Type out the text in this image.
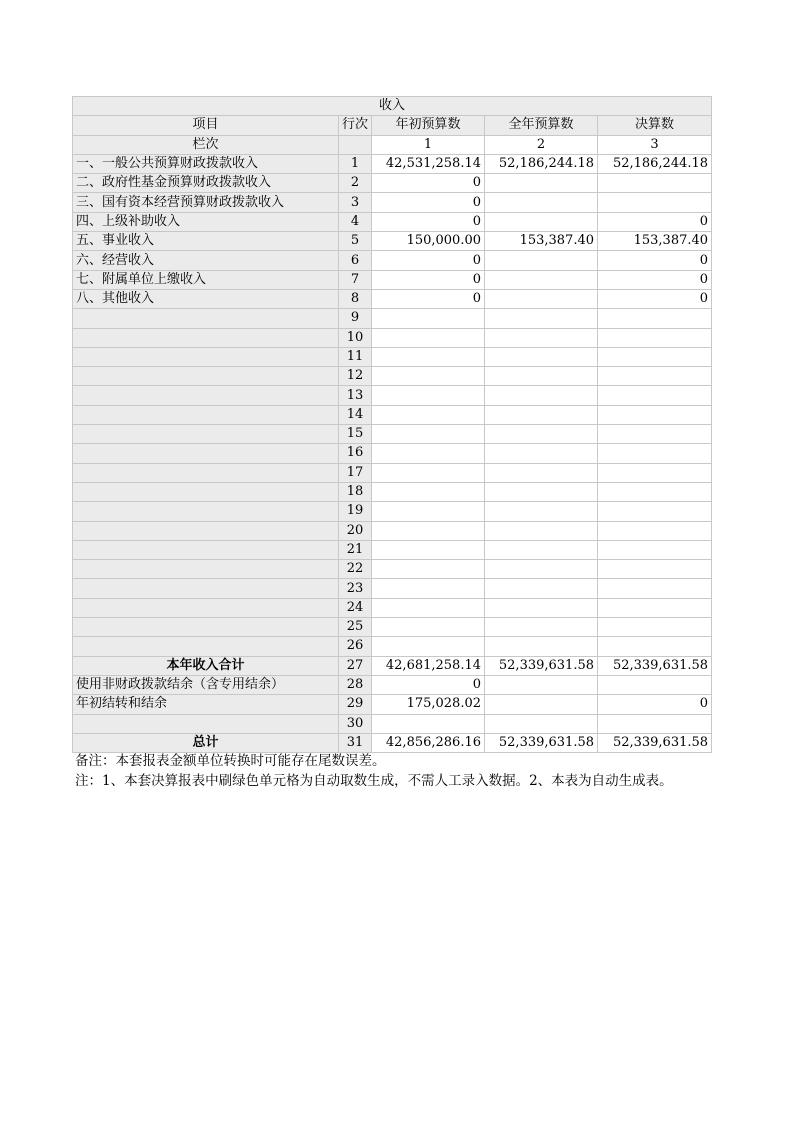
收入				
项目	行次	年初预算数	全年预算数	决算数
栏次		1	2	3
一、一般公共预算财政拨款收入	1	42,531,258.14	52,186,244.18	52,186,244.18
二、政府性基金预算财政拨款收入	2	0		
三、国有资本经营预算财政拨款收入	3	0		
四、上级补助收入	4	0		0
五、事业收入	5	150,000.00	153,387.40	153,387.40
六、经营收入	6	0		0
七、附属单位上缴收入	7	0		0
八、其他收入	8	0		0
	9			
	10			
	11			
	12			
	13			
	14			
	15			
	16			
	17			
	18			
	19			
	20			
	21			
	22			
	23			
	24			
	25			
	26			
本年收入合计	27	42,681,258.14	52,339,631.58	52,339,631.58
使用非财政拨款结余（含专用结余）	28	0		
年初结转和结余	29	175,028.02		0
	30			
总计	31	42,856,286.16	52,339,631.58	52,339,631.58
备注：本套报表金额单位转换时可能存在尾数误差。
注：1、本套决算报表中刷绿色单元格为自动取数生成，不需人工录入数据。2、本表为自动生成表。
